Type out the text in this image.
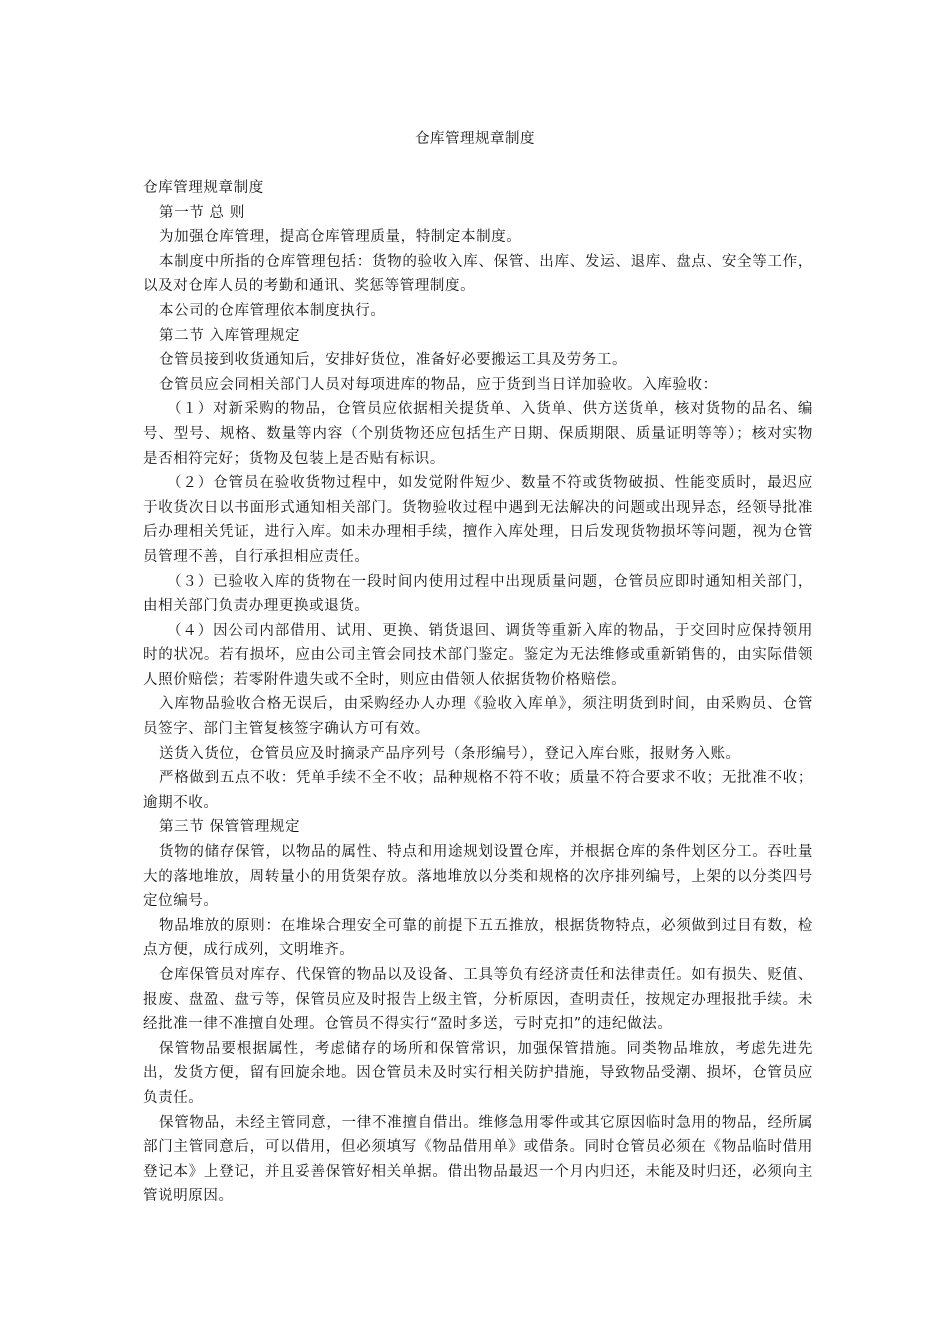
仓库管理规章制度

仓库管理规章制度

第一节 总 则

为加强仓库管理，提高仓库管理质量，特制定本制度。

本制度中所指的仓库管理包括：货物的验收入库、保管、出库、发运、退库、盘点、安全等工作，以及对仓库人员的考勤和通讯、奖惩等管理制度。

本公司的仓库管理依本制度执行。

第二节 入库管理规定

仓管员接到收货通知后，安排好货位，准备好必要搬运工具及劳务工。

仓管员应会同相关部门人员对每项进库的物品，应于货到当日详加验收。入库验收：

（１）对新采购的物品，仓管员应依据相关提货单、入货单、供方送货单，核对货物的品名、编号、型号、规格、数量等内容（个别货物还应包括生产日期、保质期限、质量证明等等）；核对实物是否相符完好；货物及包装上是否贴有标识。

（２）仓管员在验收货物过程中，如发觉附件短少、数量不符或货物破损、性能变质时，最迟应于收货次日以书面形式通知相关部门。货物验收过程中遇到无法解决的问题或出现异态，经领导批准后办理相关凭证，进行入库。如未办理相手续，擅作入库处理，日后发现货物损坏等问题，视为仓管员管理不善，自行承担相应责任。

（３）已验收入库的货物在一段时间内使用过程中出现质量问题，仓管员应即时通知相关部门，由相关部门负责办理更换或退货。

（４）因公司内部借用、试用、更换、销货退回、调货等重新入库的物品，于交回时应保持领用时的状况。若有损坏，应由公司主管会同技术部门鉴定。鉴定为无法维修或重新销售的，由实际借领人照价赔偿；若零附件遗失或不全时，则应由借领人依据货物价格赔偿。

入库物品验收合格无误后，由采购经办人办理《验收入库单》，须注明货到时间，由采购员、仓管员签字、部门主管复核签字确认方可有效。

送货入货位，仓管员应及时摘录产品序列号（条形编号），登记入库台账，报财务入账。

严格做到五点不收：凭单手续不全不收；品种规格不符不收；质量不符合要求不收；无批准不收；逾期不收。

第三节 保管管理规定

货物的储存保管，以物品的属性、特点和用途规划设置仓库，并根据仓库的条件划区分工。吞吐量大的落地堆放，周转量小的用货架存放。落地堆放以分类和规格的次序排列编号，上架的以分类四号定位编号。

物品堆放的原则：在堆垛合理安全可靠的前提下五五推放，根据货物特点，必须做到过目有数，检点方便，成行成列，文明堆齐。

仓库保管员对库存、代保管的物品以及设备、工具等负有经济责任和法律责任。如有损失、贬值、报废、盘盈、盘亏等，保管员应及时报告上级主管，分析原因，查明责任，按规定办理报批手续。未经批准一律不准擅自处理。仓管员不得实行“盈时多送，亏时克扣”的违纪做法。

保管物品要根据属性，考虑储存的场所和保管常识，加强保管措施。同类物品堆放，考虑先进先出，发货方便，留有回旋余地。因仓管员未及时实行相关防护措施，导致物品受潮、损坏，仓管员应负责任。

保管物品，未经主管同意，一律不准擅自借出。维修急用零件或其它原因临时急用的物品，经所属部门主管同意后，可以借用，但必须填写《物品借用单》或借条。同时仓管员必须在《物品临时借用登记本》上登记，并且妥善保管好相关单据。借出物品最迟一个月内归还，未能及时归还，必须向主管说明原因。
